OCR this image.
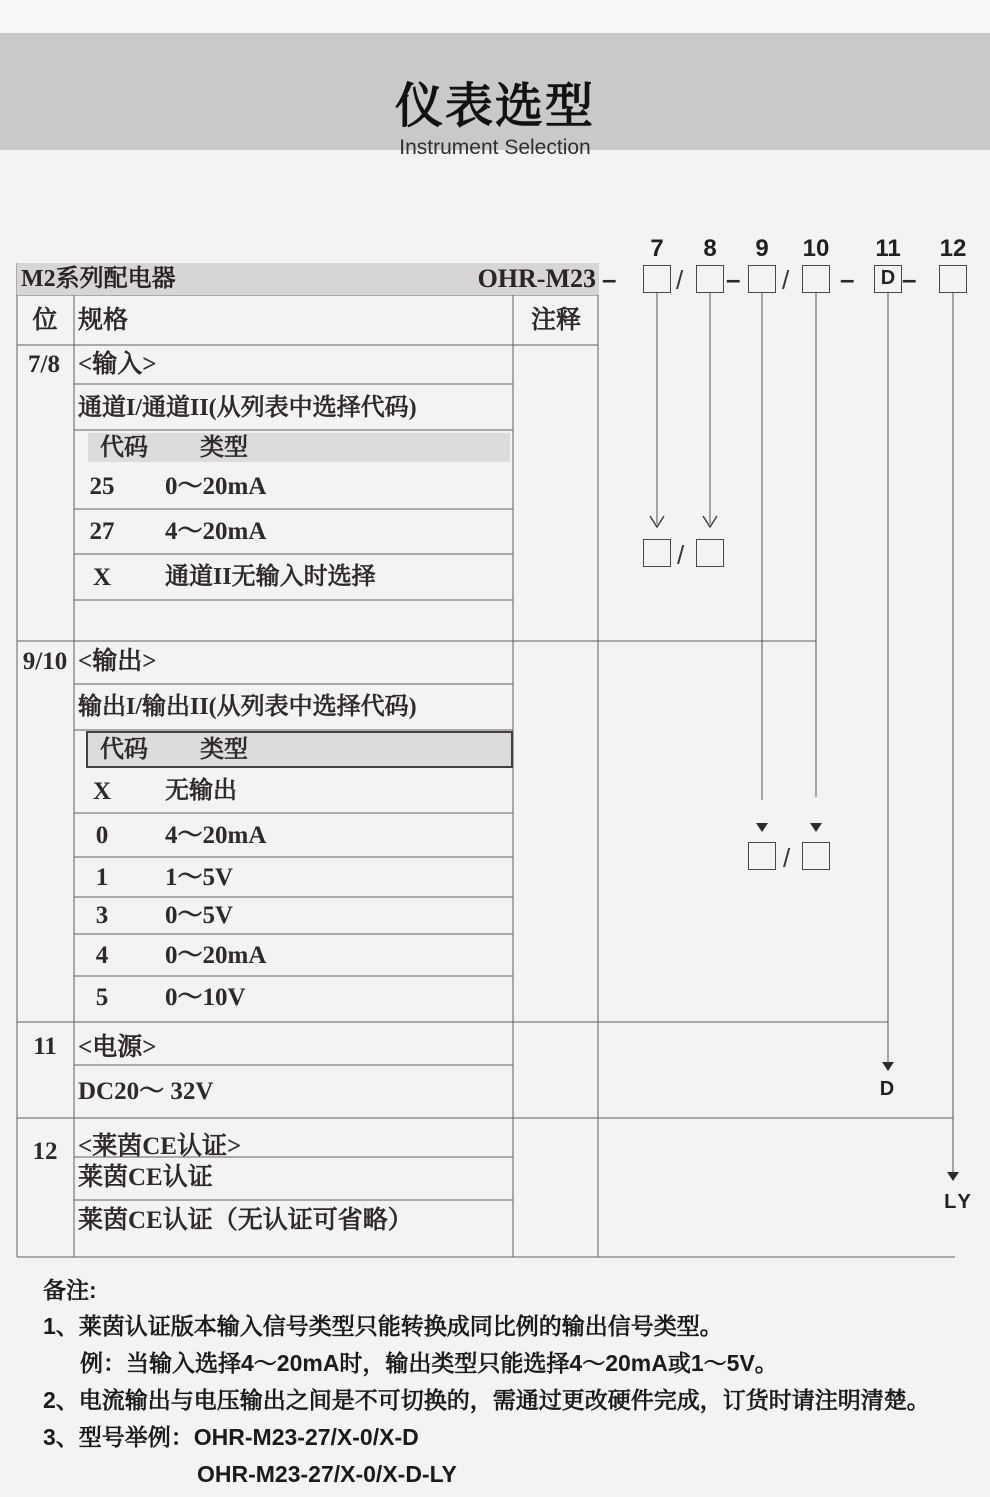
仪表选型
Instrument Selection
M2系列配电器	OHR-M23
位 规格	注释
7/8 <输入>
通道I/通道II(从列表中选择代码)
代码 类型
25 0～20mA
27 4～20mA
X 通道II无输入时选择
9/10 <输出>
输出I/输出II(从列表中选择代码)
代码 类型
X 无输出
0 4～20mA
1 1～5V
3 0～5V
4 0～20mA
5 0～10V
11 <电源>
DC20～ 32V
12 <莱茵CE认证>
莱茵CE认证
莱茵CE认证（无认证可省略）
7 8 9 10 11 12
– / – / –	D –
/
/
D
LY
备注:
1、莱茵认证版本输入信号类型只能转换成同比例的输出信号类型。
例：当输入选择4～20mA时，输出类型只能选择4～20mA或1～5V。
2、电流输出与电压输出之间是不可切换的，需通过更改硬件完成，订货时请注明清楚。
3、型号举例：OHR-M23-27/X-0/X-D
OHR-M23-27/X-0/X-D-LY
